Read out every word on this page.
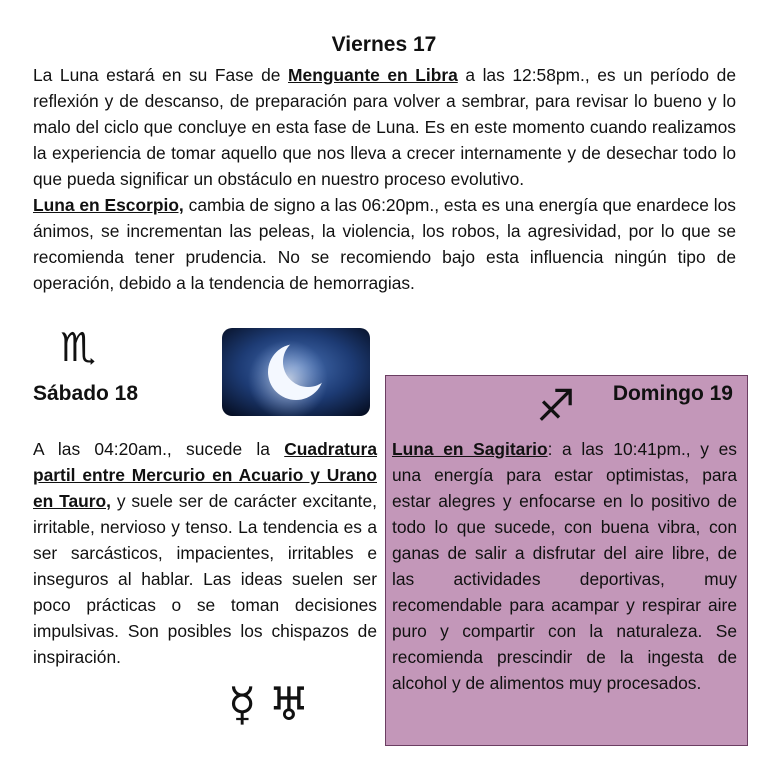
Viernes 17

La Luna estará en su Fase de Menguante en Libra a las 12:58pm., es un período de reflexión y de descanso, de preparación para volver a sembrar, para revisar lo bueno y lo malo del ciclo que concluye en esta fase de Luna. Es en este momento cuando realizamos la experiencia de tomar aquello que nos lleva a crecer internamente y de desechar todo lo que pueda significar un obstáculo en nuestro proceso evolutivo.

Luna en Escorpio, cambia de signo a las 06:20pm., esta es una energía que enardece los ánimos, se incrementan las peleas, la violencia, los robos, la agresividad, por lo que se recomienda tener prudencia. No se recomiendo bajo esta influencia ningún tipo de operación, debido a la tendencia de hemorragias.

♏
Sábado 18
A las 04:20am., sucede la Cuadratura partil entre Mercurio en Acuario y Urano en Tauro, y suele ser de carácter excitante, irritable, nervioso y tenso. La tendencia es a ser sarcásticos, impacientes, irritables e inseguros al hablar. Las ideas suelen ser poco prácticas o se toman decisiones impulsivas. Son posibles los chispazos de inspiración.
☿ ♅
♐ Domingo 19
Luna en Sagitario: a las 10:41pm., y es una energía para estar optimistas, para estar alegres y enfocarse en lo positivo de todo lo que sucede, con buena vibra, con ganas de salir a disfrutar del aire libre, de las actividades deportivas, muy recomendable para acampar y respirar aire puro y compartir con la naturaleza. Se recomienda prescindir de la ingesta de alcohol y de alimentos muy procesados.
